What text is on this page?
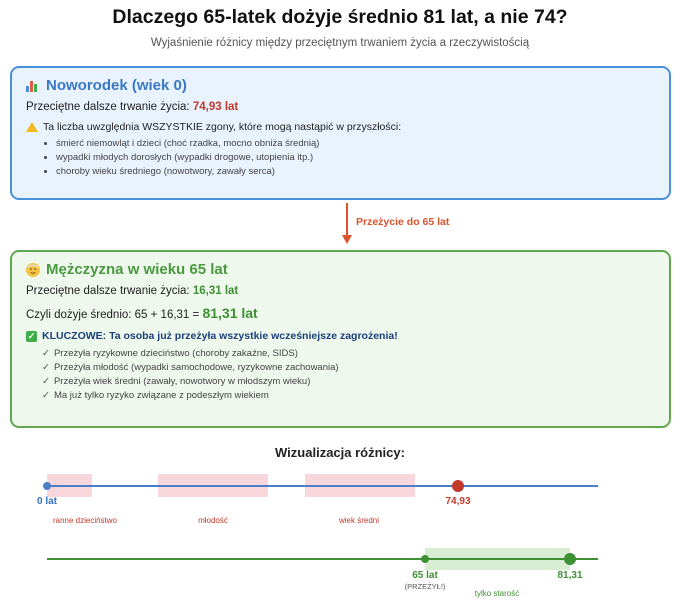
Dlaczego 65-latek dożyje średnio 81 lat, a nie 74?
Wyjaśnienie różnicy między przeciętnym trwaniem życia a rzeczywistością
Noworodek (wiek 0)
Przeciętne dalsze trwanie życia: 74,93 lat
Ta liczba uwzględnia WSZYSTKIE zgony, które mogą nastąpić w przyszłości:
• śmierć niemowląt i dzieci (choć rzadka, mocno obniża średnią)
• wypadki młodych dorosłych (wypadki drogowe, utopienia itp.)
• choroby wieku średniego (nowotwory, zawały serca)
Przeżycie do 65 lat
Mężczyzna w wieku 65 lat
Przeciętne dalsze trwanie życia: 16,31 lat
Czyli dożyje średnio: 65 + 16,31 = 81,31 lat
✓ KLUCZOWE: Ta osoba już przeżyła wszystkie wcześniejsze zagrożenia!
✓ Przeżyła ryzykowne dzieciństwo (choroby zakaźne, SIDS)
✓ Przeżyła młodość (wypadki samochodowe, ryzykowne zachowania)
✓ Przeżyła wiek średni (zawały, nowotwory w młodszym wieku)
✓ Ma już tylko ryzyko związane z podeszłym wiekiem
Wizualizacja różnicy:
0 lat	74,93
ranne dzieciństwo	młodość	wiek średni
65 lat
(PRZEŻYŁ!)
81,31
tylko starość
